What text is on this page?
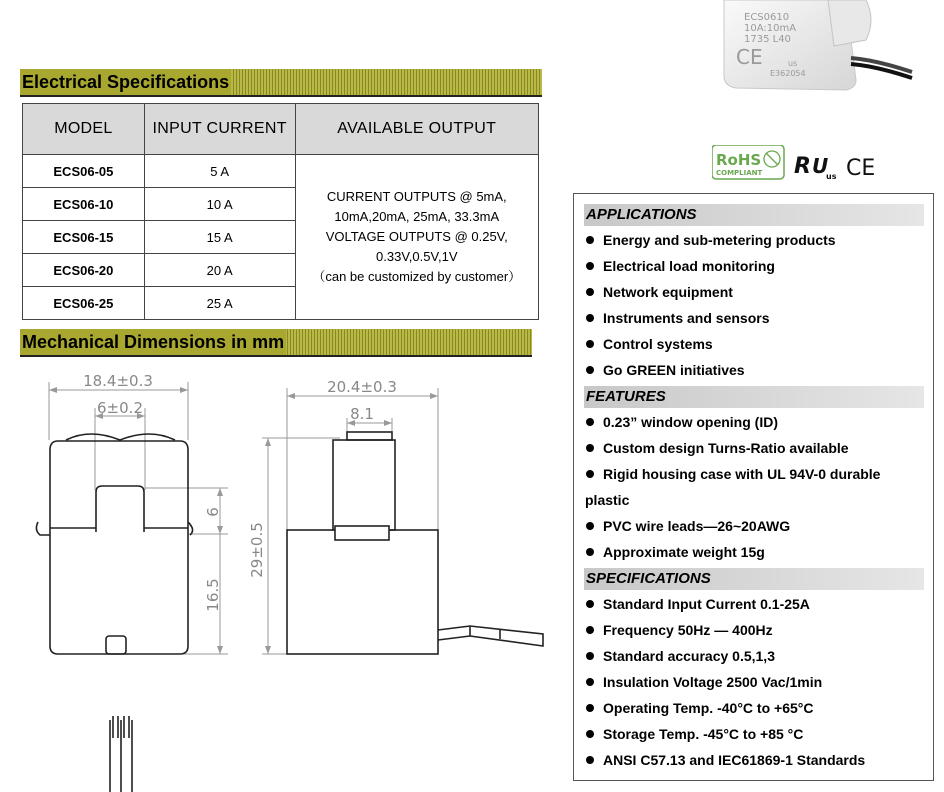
Electrical Specifications
MODEL	INPUT CURRENT	AVAILABLE OUTPUT
ECS06-05	5 A	CURRENT OUTPUTS @ 5mA,
10mA,20mA, 25mA, 33.3mA
VOLTAGE OUTPUTS @ 0.25V,
0.33V,0.5V,1V
（can be customized by customer）

ECS06-10	10 A	
ECS06-15	15 A	
ECS06-20	20 A	
ECS06-25	25 A	
Mechanical Dimensions in mm
18.4±0.3
6±0.2
20.4±0.3
8.1
6
16.5
29±0.5
ECS0610
10A:10mA
1735 L40
CE	us
E362054
RoHS
COMPLIANT R U
us CE
APPLICATIONS
Energy and sub-metering products
Electrical load monitoring
Network equipment
Instruments and sensors
Control systems
Go GREEN initiatives
FEATURES
0.23” window opening (ID)
Custom design Turns-Ratio available
Rigid housing case with UL 94V-0 durable
plastic
PVC wire leads—26~20AWG
Approximate weight 15g
SPECIFICATIONS
Standard Input Current 0.1-25A
Frequency 50Hz — 400Hz
Standard accuracy 0.5,1,3
Insulation Voltage 2500 Vac/1min
Operating Temp. -40°C to +65°C
Storage Temp. -45°C to +85 °C
ANSI C57.13 and IEC61869-1 Standards
